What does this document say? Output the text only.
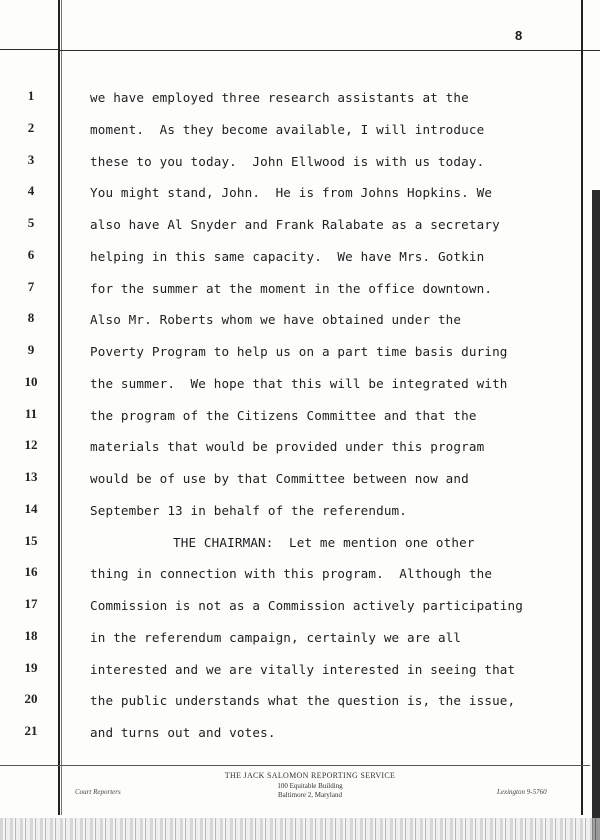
8
1
2
3
4
5
6
7
8
9
10
11
12
13
14
15
16
17
18
19
20
21
we have employed three research assistants at the
moment.  As they become available, I will introduce
these to you today.  John Ellwood is with us today.
You might stand, John.  He is from Johns Hopkins. We
also have Al Snyder and Frank Ralabate as a secretary
helping in this same capacity.  We have Mrs. Gotkin
for the summer at the moment in the office downtown.
Also Mr. Roberts whom we have obtained under the
Poverty Program to help us on a part time basis during
the summer.  We hope that this will be integrated with
the program of the Citizens Committee and that the
materials that would be provided under this program
would be of use by that Committee between now and
September 13 in behalf of the referendum.
THE CHAIRMAN:  Let me mention one other
thing in connection with this program.  Although the
Commission is not as a Commission actively participating
in the referendum campaign, certainly we are all
interested and we are vitally interested in seeing that
the public understands what the question is, the issue,
and turns out and votes.
THE JACK SALOMON REPORTING SERVICE
100 Equitable Building
Baltimore 2, Maryland
Court Reporters	Lexington 9-5760
